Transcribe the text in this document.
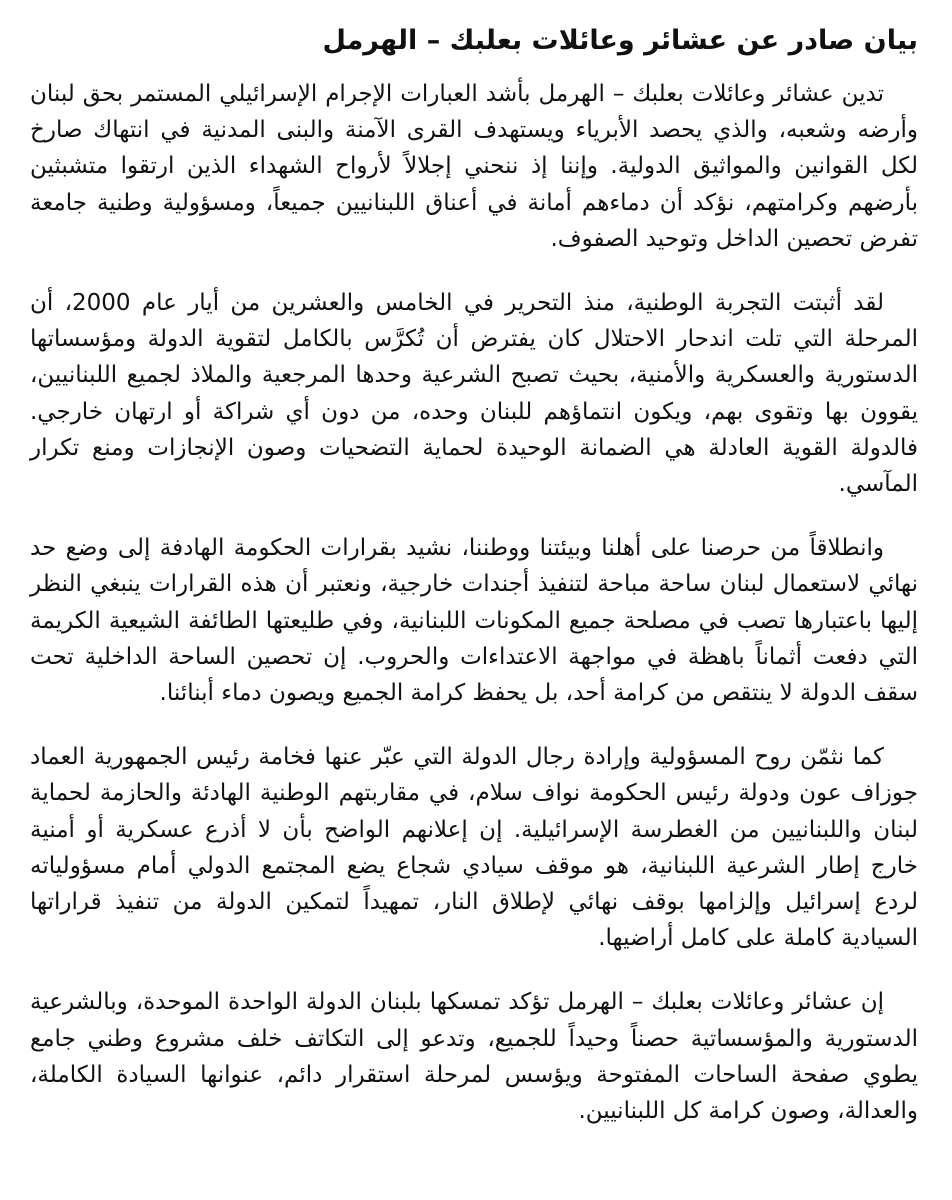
بيان صادر عن عشائر وعائلات بعلبك – الهرمل

تدين عشائر وعائلات بعلبك – الهرمل بأشد العبارات الإجرام الإسرائيلي المستمر بحق لبنان وأرضه وشعبه، والذي يحصد الأبرياء ويستهدف القرى الآمنة والبنى المدنية في انتهاك صارخ لكل القوانين والمواثيق الدولية. وإننا إذ ننحني إجلالاً لأرواح الشهداء الذين ارتقوا متشبثين بأرضهم وكرامتهم، نؤكد أن دماءهم أمانة في أعناق اللبنانيين جميعاً، ومسؤولية وطنية جامعة تفرض تحصين الداخل وتوحيد الصفوف.

لقد أثبتت التجربة الوطنية، منذ التحرير في الخامس والعشرين من أيار عام 2000، أن المرحلة التي تلت اندحار الاحتلال كان يفترض أن تُكرَّس بالكامل لتقوية الدولة ومؤسساتها الدستورية والعسكرية والأمنية، بحيث تصبح الشرعية وحدها المرجعية والملاذ لجميع اللبنانيين، يقوون بها وتقوى بهم، ويكون انتماؤهم للبنان وحده، من دون أي شراكة أو ارتهان خارجي. فالدولة القوية العادلة هي الضمانة الوحيدة لحماية التضحيات وصون الإنجازات ومنع تكرار المآسي.

وانطلاقاً من حرصنا على أهلنا وبيئتنا ووطننا، نشيد بقرارات الحكومة الهادفة إلى وضع حد نهائي لاستعمال لبنان ساحة مباحة لتنفيذ أجندات خارجية، ونعتبر أن هذه القرارات ينبغي النظر إليها باعتبارها تصب في مصلحة جميع المكونات اللبنانية، وفي طليعتها الطائفة الشيعية الكريمة التي دفعت أثماناً باهظة في مواجهة الاعتداءات والحروب. إن تحصين الساحة الداخلية تحت سقف الدولة لا ينتقص من كرامة أحد، بل يحفظ كرامة الجميع ويصون دماء أبنائنا.

كما نثمّن روح المسؤولية وإرادة رجال الدولة التي عبّر عنها فخامة رئيس الجمهورية العماد جوزاف عون ودولة رئيس الحكومة نواف سلام، في مقاربتهم الوطنية الهادئة والحازمة لحماية لبنان واللبنانيين من الغطرسة الإسرائيلية. إن إعلانهم الواضح بأن لا أذرع عسكرية أو أمنية خارج إطار الشرعية اللبنانية، هو موقف سيادي شجاع يضع المجتمع الدولي أمام مسؤولياته لردع إسرائيل وإلزامها بوقف نهائي لإطلاق النار، تمهيداً لتمكين الدولة من تنفيذ قراراتها السيادية كاملة على كامل أراضيها.

إن عشائر وعائلات بعلبك – الهرمل تؤكد تمسكها بلبنان الدولة الواحدة الموحدة، وبالشرعية الدستورية والمؤسساتية حصناً وحيداً للجميع، وتدعو إلى التكاتف خلف مشروع وطني جامع يطوي صفحة الساحات المفتوحة ويؤسس لمرحلة استقرار دائم، عنوانها السيادة الكاملة، والعدالة، وصون كرامة كل اللبنانيين.
